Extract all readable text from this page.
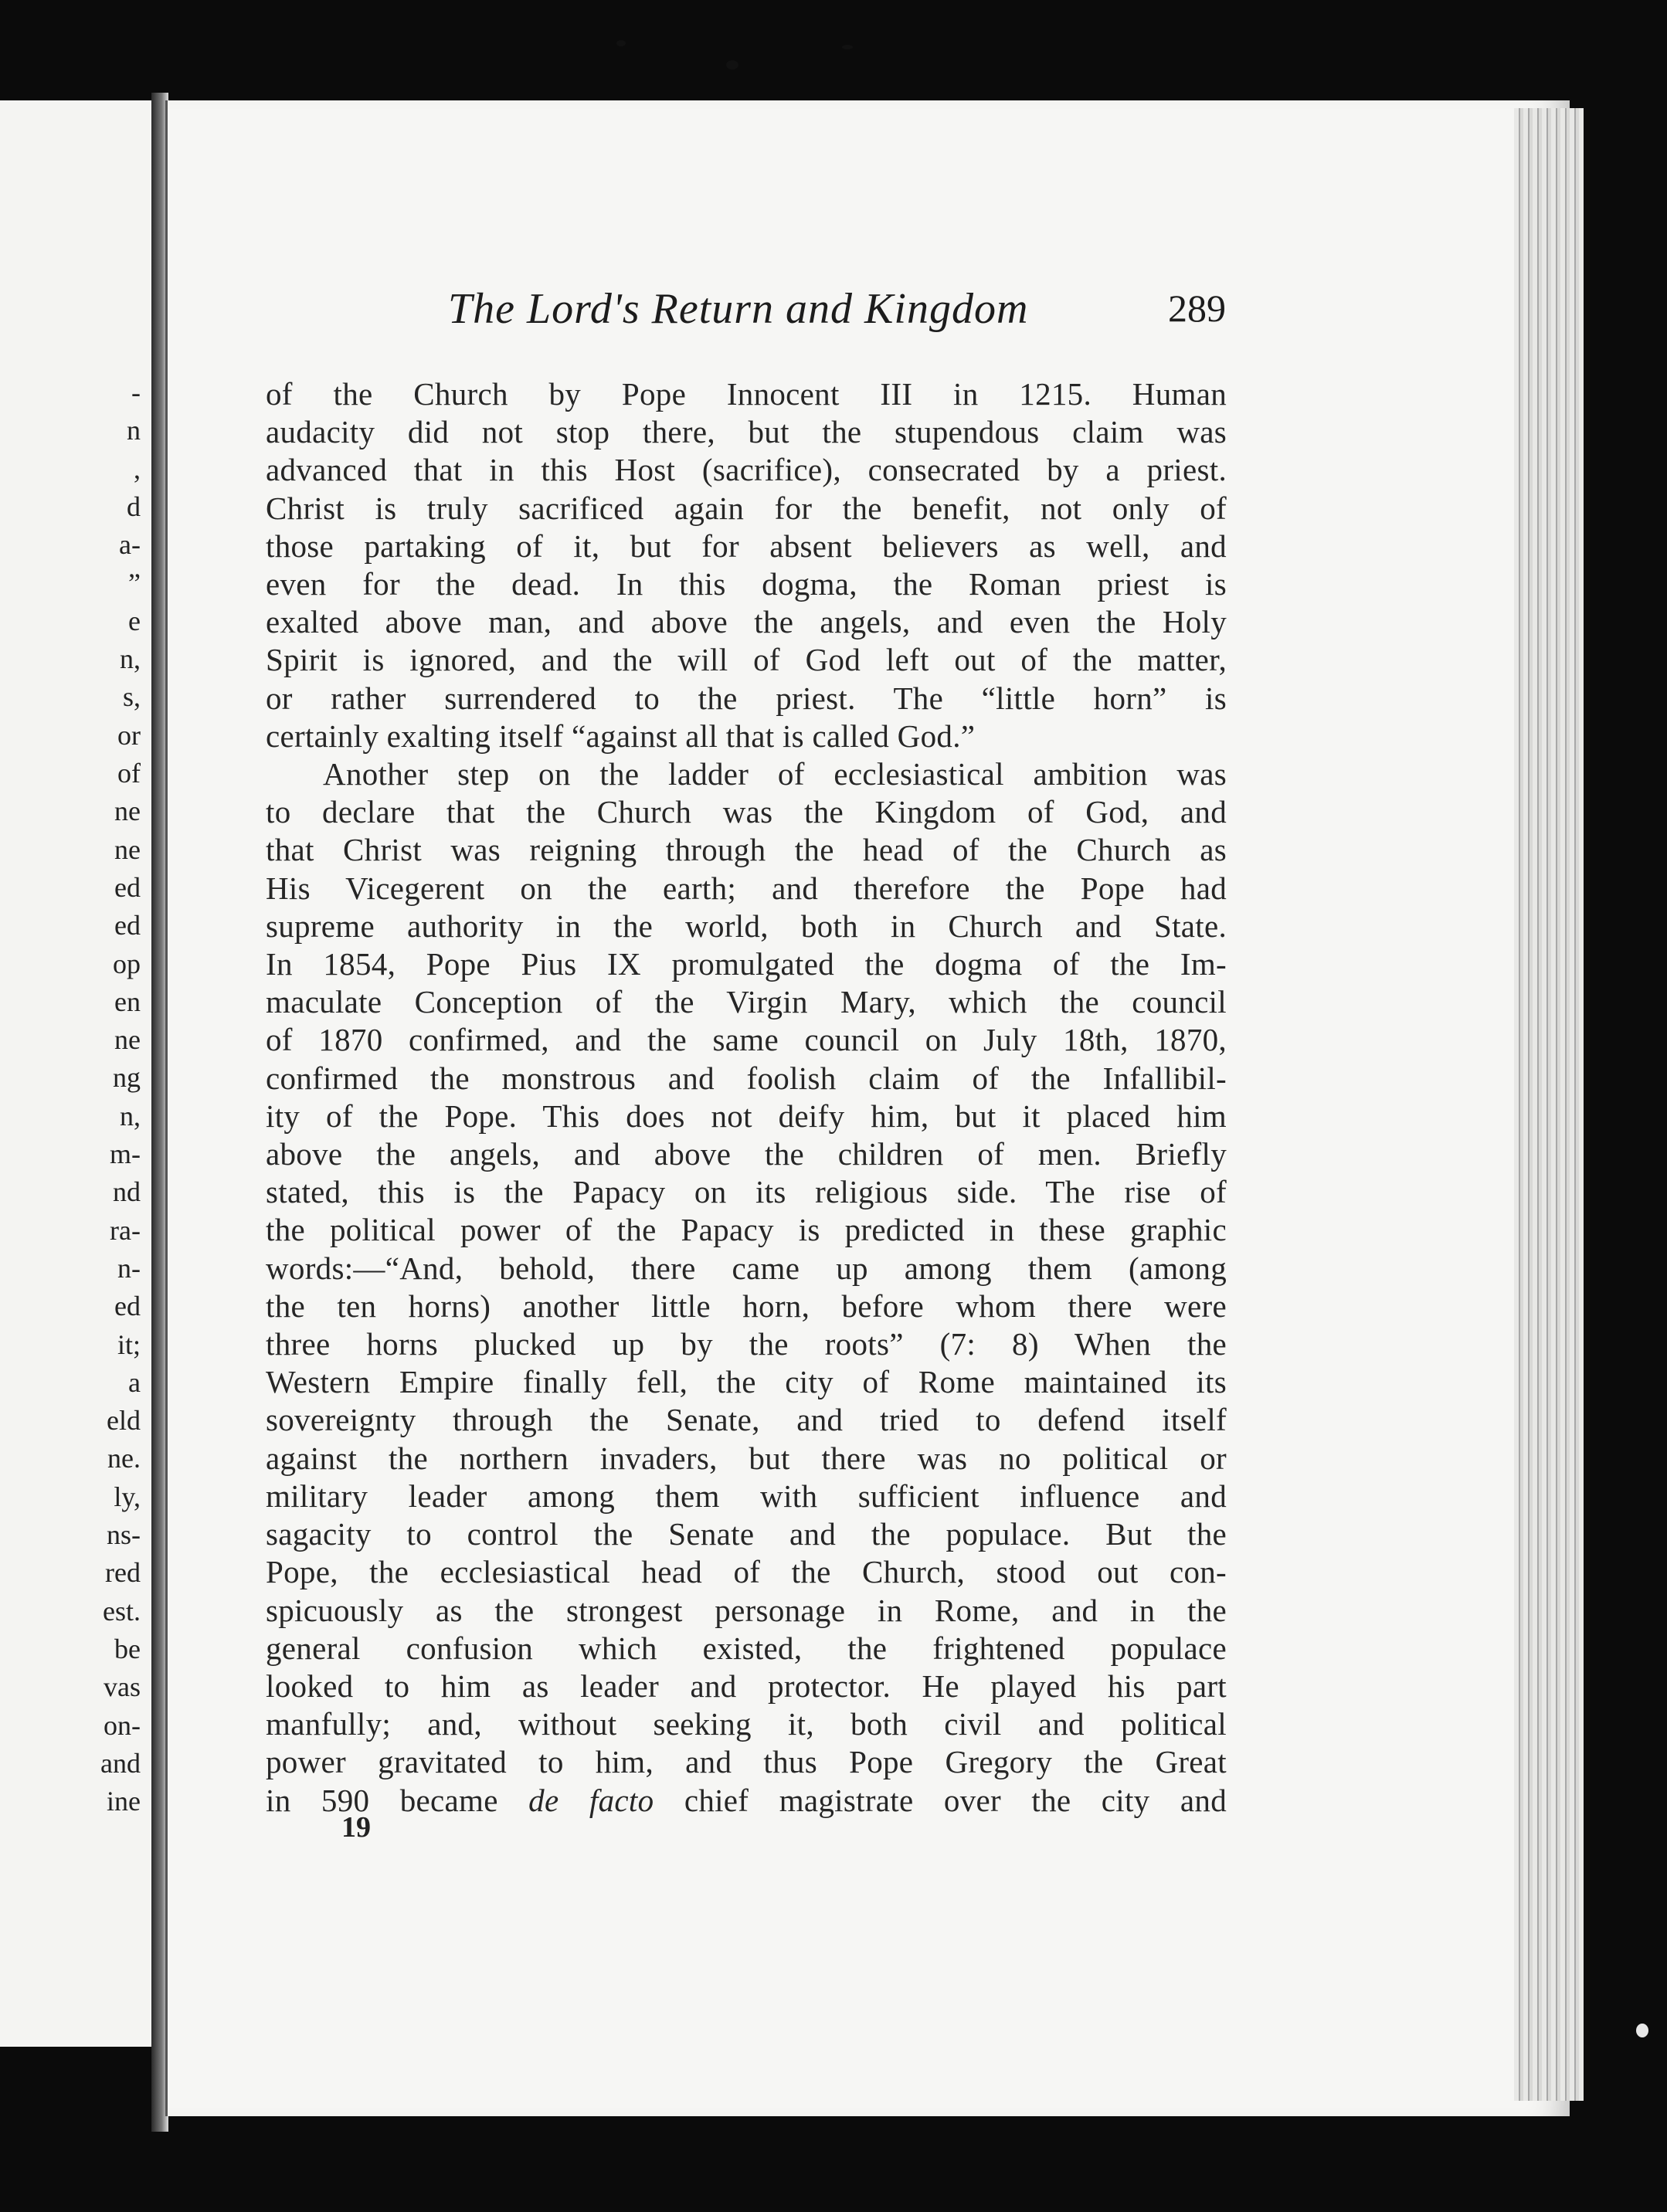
-
n
,
d
a-
”
e
n,
s,
or
of
ne
ne
ed
ed
op
en
ne
ng
n,
m-
nd
ra-
n-
ed
it;
a
eld
ne.
ly,
ns-
red
est.
be
vas
on-
and
ine
The Lord's Return and Kingdom	289
of the Church by Pope Innocent III in 1215. Human
audacity did not stop there, but the stupendous claim was
advanced that in this Host (sacrifice), consecrated by a priest.
Christ is truly sacrificed again for the benefit, not only of
those partaking of it, but for absent believers as well, and
even for the dead. In this dogma, the Roman priest is
exalted above man, and above the angels, and even the Holy
Spirit is ignored, and the will of God left out of the matter,
or rather surrendered to the priest. The “little horn” is
certainly exalting itself “against all that is called God.”
Another step on the ladder of ecclesiastical ambition was
to declare that the Church was the Kingdom of God, and
that Christ was reigning through the head of the Church as
His Vicegerent on the earth; and therefore the Pope had
supreme authority in the world, both in Church and State.
In 1854, Pope Pius IX promulgated the dogma of the Im-
maculate Conception of the Virgin Mary, which the council
of 1870 confirmed, and the same council on July 18th, 1870,
confirmed the monstrous and foolish claim of the Infallibil-
ity of the Pope. This does not deify him, but it placed him
above the angels, and above the children of men. Briefly
stated, this is the Papacy on its religious side. The rise of
the political power of the Papacy is predicted in these graphic
words:—“And, behold, there came up among them (among
the ten horns) another little horn, before whom there were
three horns plucked up by the roots” (7: 8) When the
Western Empire finally fell, the city of Rome maintained its
sovereignty through the Senate, and tried to defend itself
against the northern invaders, but there was no political or
military leader among them with sufficient influence and
sagacity to control the Senate and the populace. But the
Pope, the ecclesiastical head of the Church, stood out con-
spicuously as the strongest personage in Rome, and in the
general confusion which existed, the frightened populace
looked to him as leader and protector. He played his part
manfully; and, without seeking it, both civil and political
power gravitated to him, and thus Pope Gregory the Great
in 590 became de facto chief magistrate over the city and
19
